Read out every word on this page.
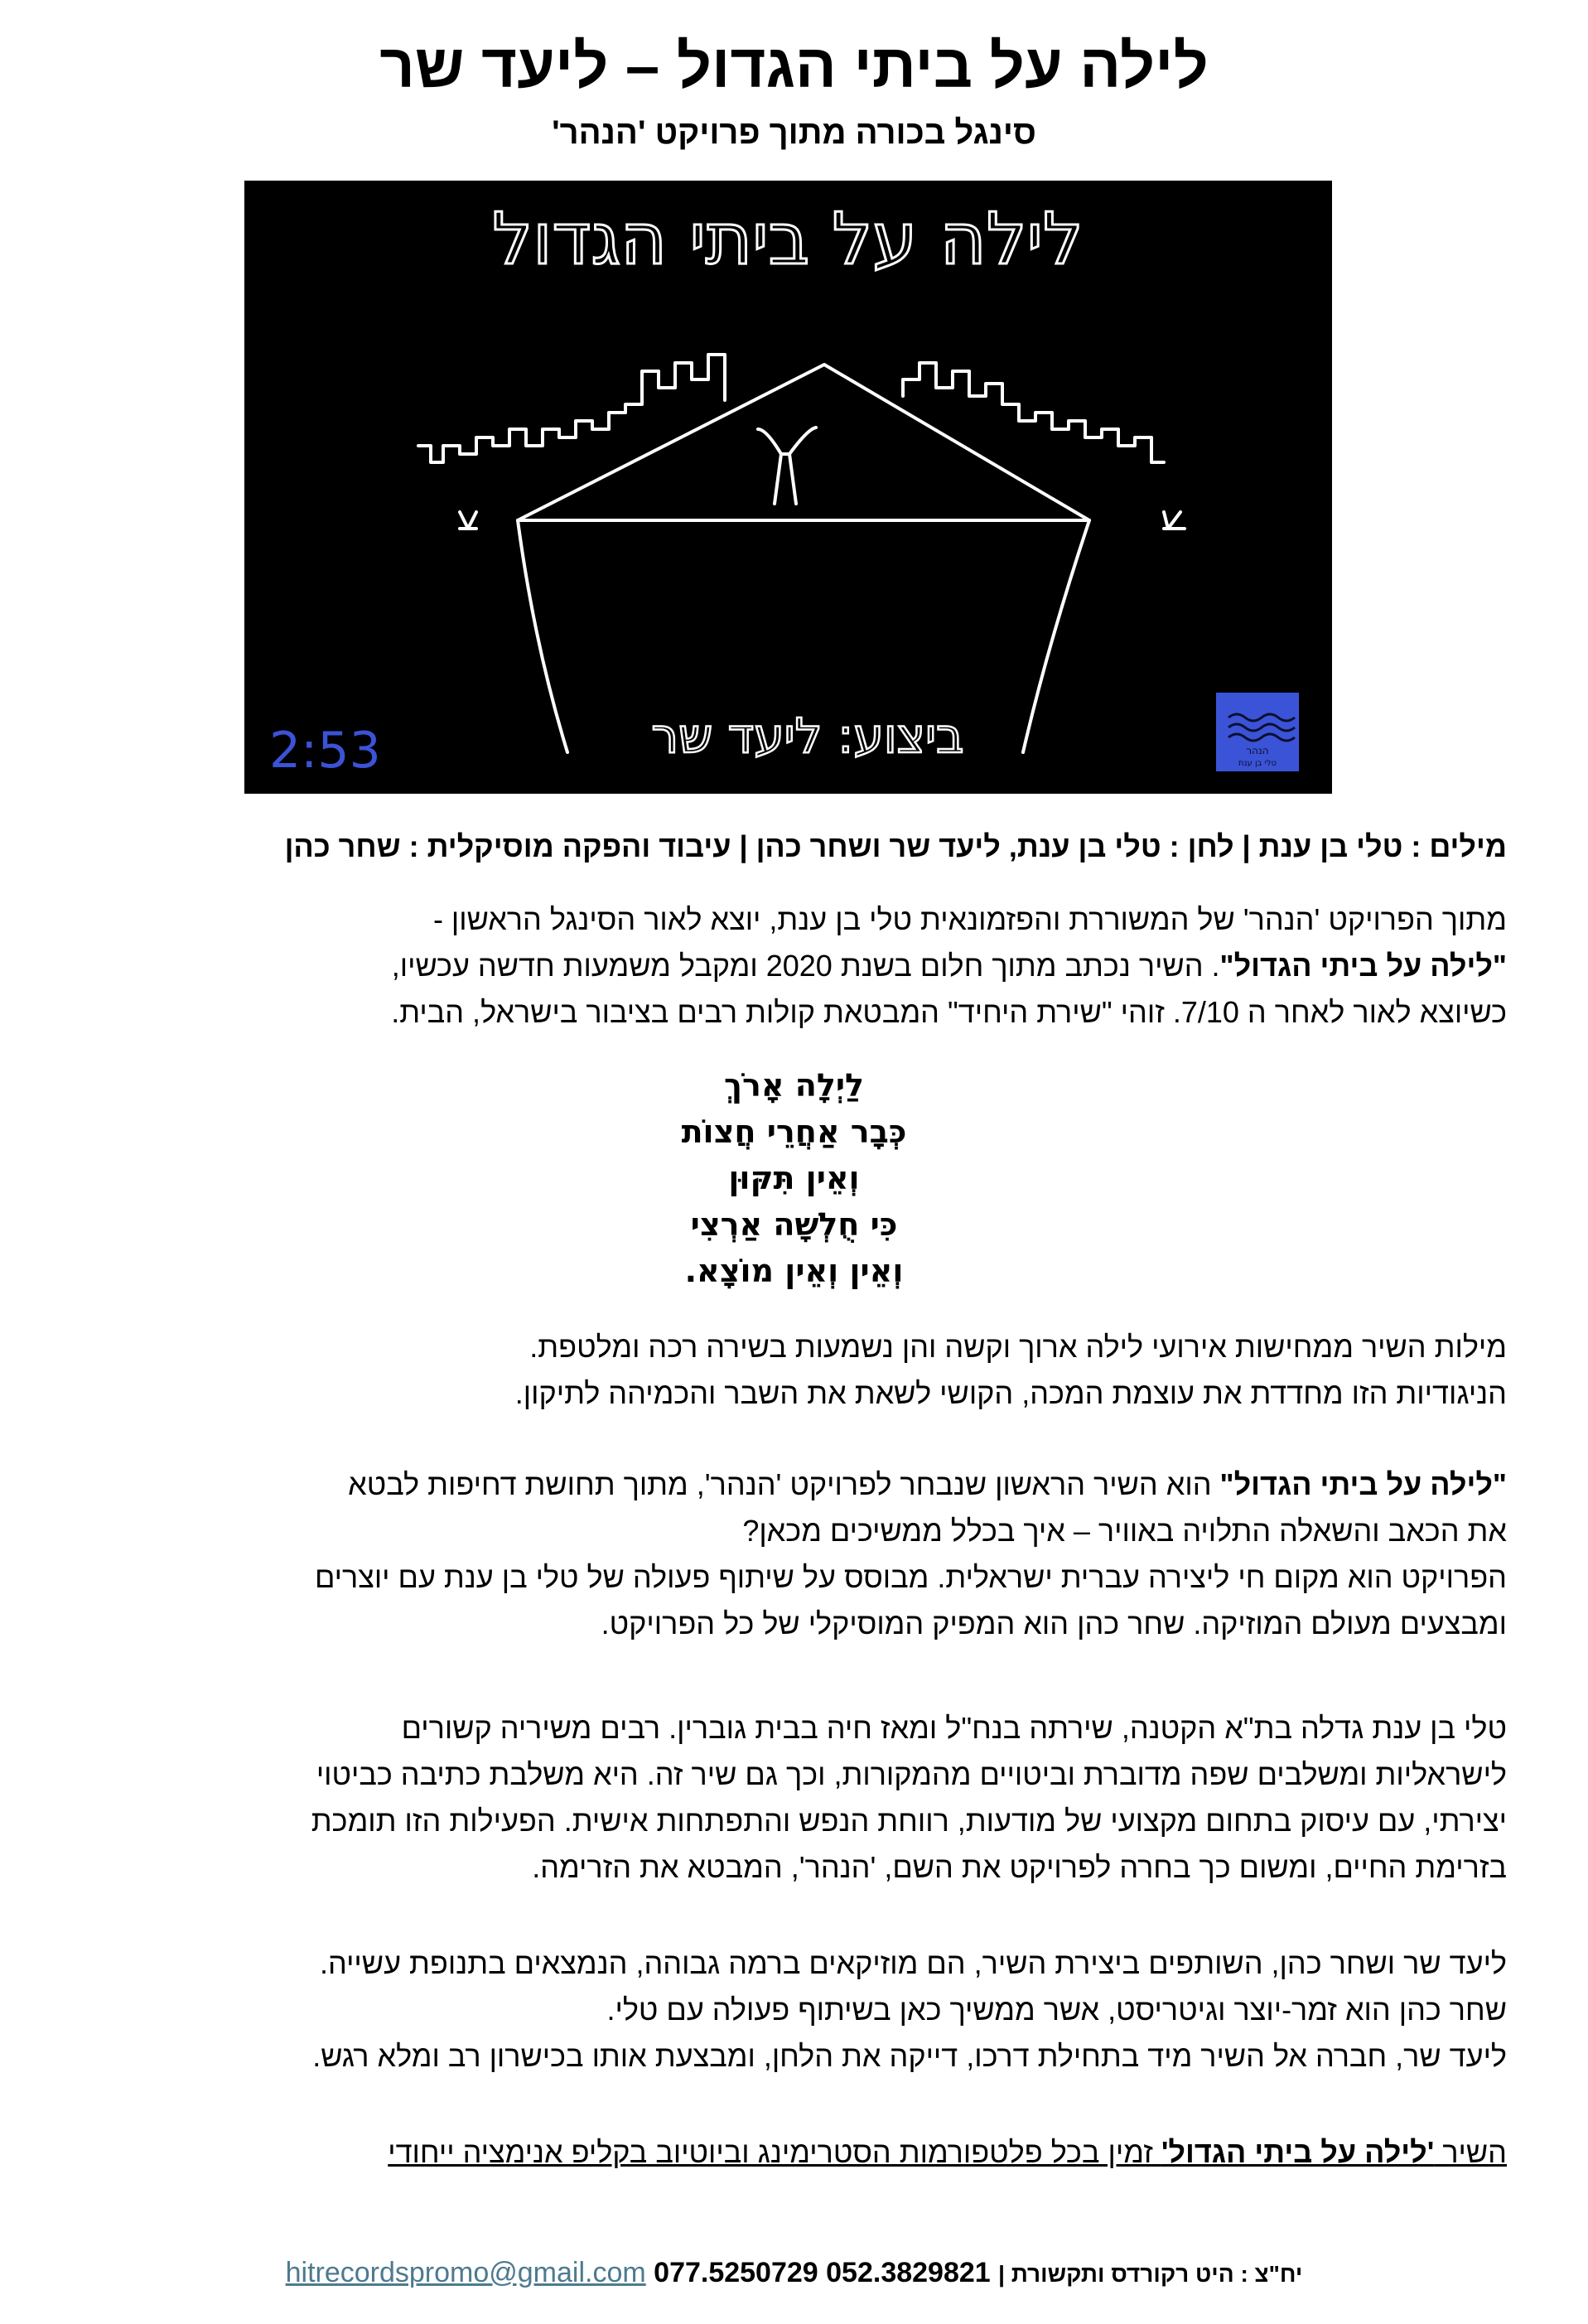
לילה על ביתי הגדול – ליעד שר
סינגל בכורה מתוך פרויקט 'הנהר'
לילה על ביתי הגדול
ביצוע: ליעד שר
2:53	הנהר
טלי בן ענת
מילים : טלי בן ענת | לחן : טלי בן ענת, ליעד שר ושחר כהן | עיבוד והפקה מוסיקלית : שחר כהן

מתוך הפרויקט 'הנהר' של המשוררת והפזמונאית טלי בן ענת, יוצא לאור הסינגל הראשון -

"לילה על ביתי הגדול". השיר נכתב מתוך חלום בשנת 2020 ומקבל משמעות חדשה עכשיו,

כשיוצא לאור לאחר ה 7/10. זוהי "שירת היחיד" המבטאת קולות רבים בציבור בישראל, הבית.

לַיְלָה אָרֹךְ

כְּבָר אַחֲרֵי חֲצוֹת

וְאֵין תִּקּוּן

כִּי חֻלְשָׁה אַרְצִי

וְאֵין וְאֵין מוֹצָא.

מילות השיר ממחישות אירועי לילה ארוך וקשה והן נשמעות בשירה רכה ומלטפת.

הניגודיות הזו מחדדת את עוצמת המכה, הקושי לשאת את השבר והכמיהה לתיקון.

"לילה על ביתי הגדול" הוא השיר הראשון שנבחר לפרויקט 'הנהר', מתוך תחושת דחיפות לבטא

את הכאב והשאלה התלויה באוויר – איך בכלל ממשיכים מכאן?

הפרויקט הוא מקום חי ליצירה עברית ישראלית. מבוסס על שיתוף פעולה של טלי בן ענת עם יוצרים

ומבצעים מעולם המוזיקה. שחר כהן הוא המפיק המוסיקלי של כל הפרויקט.

טלי בן ענת גדלה בת"א הקטנה, שירתה בנח"ל ומאז חיה בבית גוברין. רבים משיריה קשורים

לישראליות ומשלבים שפה מדוברת וביטויים מהמקורות, וכך גם שיר זה. היא משלבת כתיבה כביטוי

יצירתי, עם עיסוק בתחום מקצועי של מודעות, רווחת הנפש והתפתחות אישית. הפעילות הזו תומכת

בזרימת החיים, ומשום כך בחרה לפרויקט את השם, 'הנהר', המבטא את הזרימה.

ליעד שר ושחר כהן, השותפים ביצירת השיר, הם מוזיקאים ברמה גבוהה, הנמצאים בתנופת עשייה.

שחר כהן הוא זמר-יוצר וגיטריסט, אשר ממשיך כאן בשיתוף פעולה עם טלי.

ליעד שר, חברה אל השיר מיד בתחילת דרכו, דייקה את הלחן, ומבצעת אותו בכישרון רב ומלא רגש.

השיר 'לילה על ביתי הגדול' זמין בכל פלטפורמות הסטרימינג וביוטיוב בקליפ אנימציה ייחודי
hitrecordspromo@gmail.com 077.5250729 052.3829821 יח"צ : היט רקורדס ותקשורת |
